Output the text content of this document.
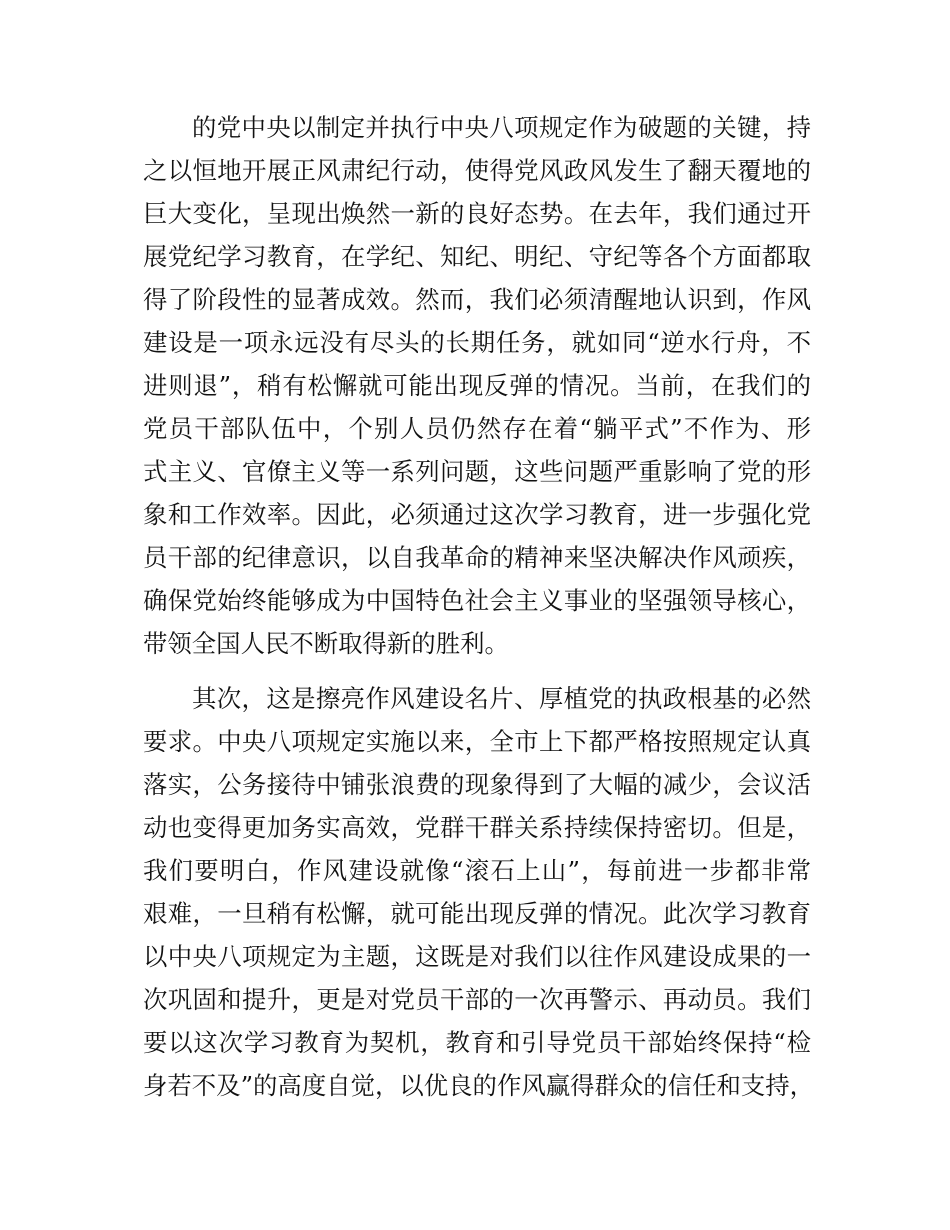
的党中央以制定并执行中央八项规定作为破题的关键，持
之以恒地开展正风肃纪行动，使得党风政风发生了翻天覆地的
巨大变化，呈现出焕然一新的良好态势。在去年，我们通过开
展党纪学习教育，在学纪、知纪、明纪、守纪等各个方面都取
得了阶段性的显著成效。然而，我们必须清醒地认识到，作风
建设是一项永远没有尽头的长期任务，就如同“逆水行舟，不
进则退”，稍有松懈就可能出现反弹的情况。当前，在我们的
党员干部队伍中，个别人员仍然存在着“躺平式”不作为、形
式主义、官僚主义等一系列问题，这些问题严重影响了党的形
象和工作效率。因此，必须通过这次学习教育，进一步强化党
员干部的纪律意识，以自我革命的精神来坚决解决作风顽疾，
确保党始终能够成为中国特色社会主义事业的坚强领导核心，
带领全国人民不断取得新的胜利。
其次，这是擦亮作风建设名片、厚植党的执政根基的必然
要求。中央八项规定实施以来，全市上下都严格按照规定认真
落实，公务接待中铺张浪费的现象得到了大幅的减少，会议活
动也变得更加务实高效，党群干群关系持续保持密切。但是，
我们要明白，作风建设就像“滚石上山”，每前进一步都非常
艰难，一旦稍有松懈，就可能出现反弹的情况。此次学习教育
以中央八项规定为主题，这既是对我们以往作风建设成果的一
次巩固和提升，更是对党员干部的一次再警示、再动员。我们
要以这次学习教育为契机，教育和引导党员干部始终保持“检
身若不及”的高度自觉，以优良的作风赢得群众的信任和支持，
